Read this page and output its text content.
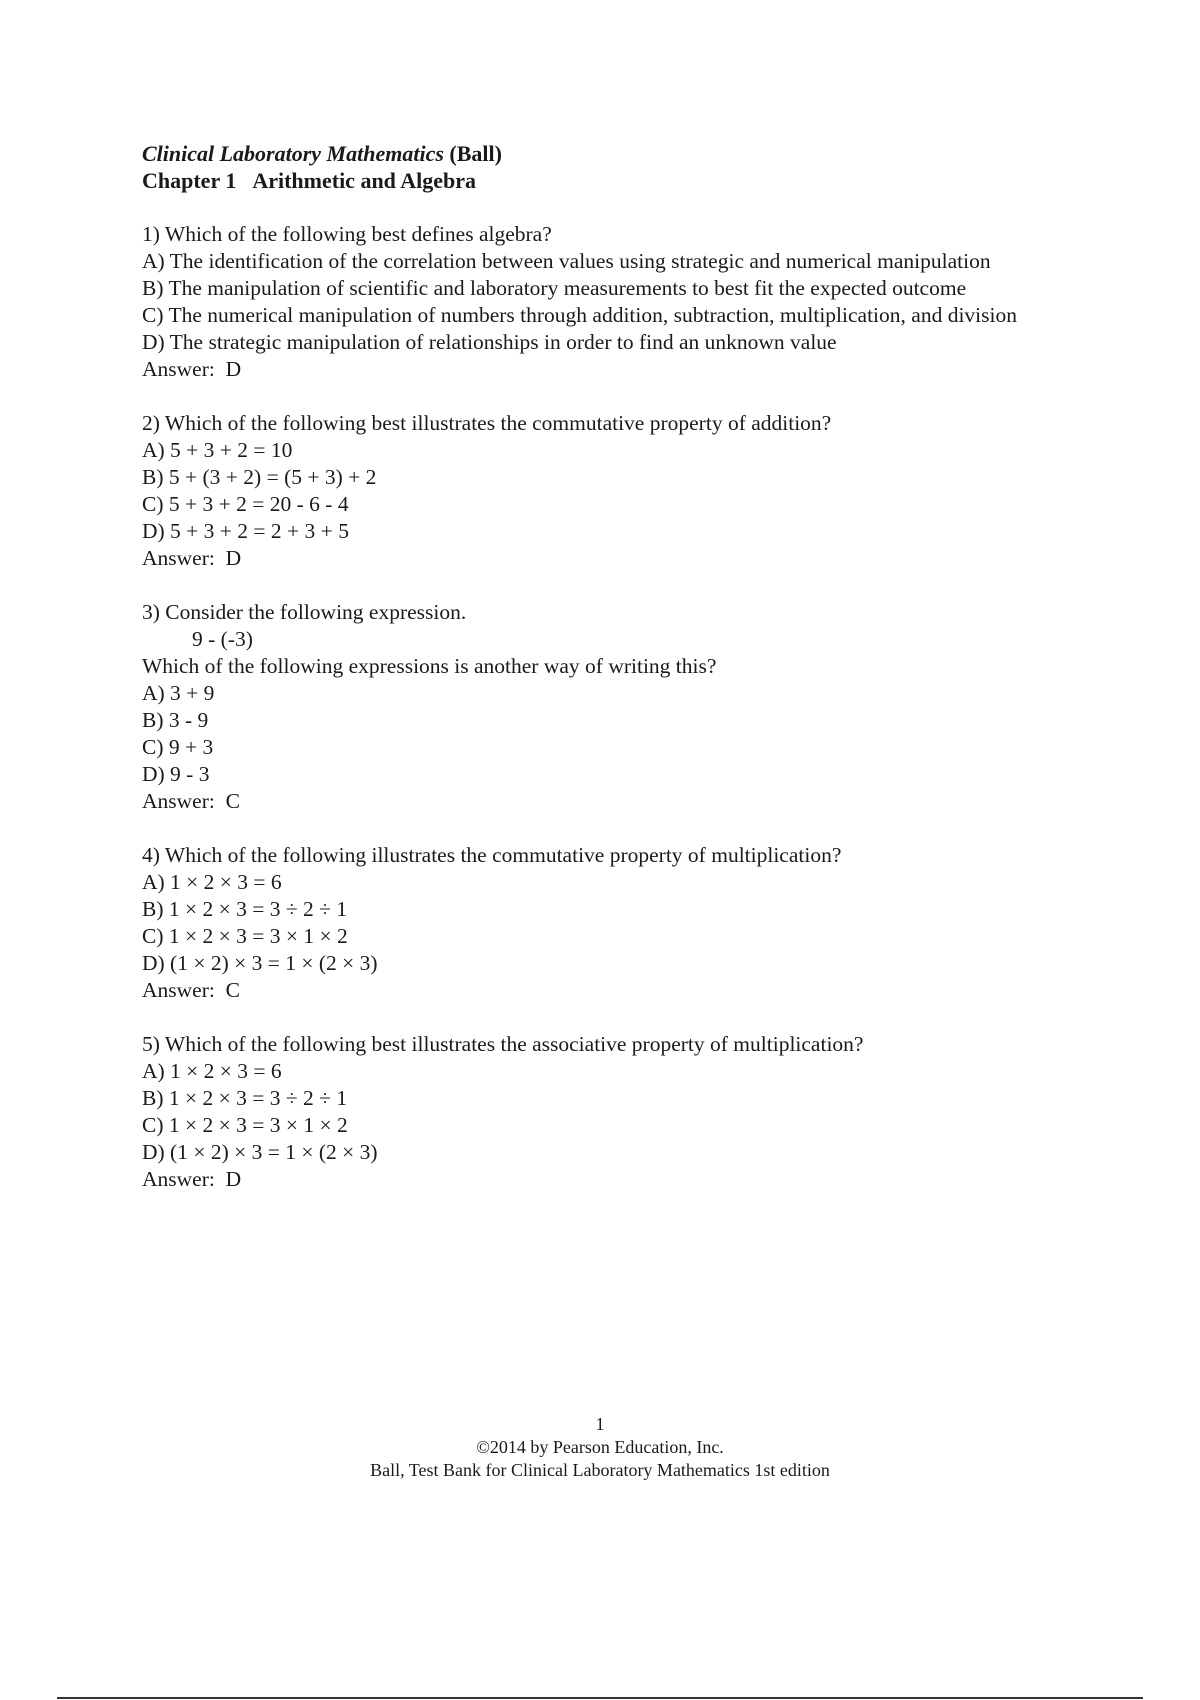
Clinical Laboratory Mathematics (Ball)
Chapter 1 Arithmetic and Algebra
1) Which of the following best defines algebra?
A) The identification of the correlation between values using strategic and numerical manipulation
B) The manipulation of scientific and laboratory measurements to best fit the expected outcome
C) The numerical manipulation of numbers through addition, subtraction, multiplication, and division
D) The strategic manipulation of relationships in order to find an unknown value
Answer:  D
2) Which of the following best illustrates the commutative property of addition?
A) 5 + 3 + 2 = 10
B) 5 + (3 + 2) = (5 + 3) + 2
C) 5 + 3 + 2 = 20 - 6 - 4
D) 5 + 3 + 2 = 2 + 3 + 5
Answer:  D
3) Consider the following expression.
9 - (-3)
Which of the following expressions is another way of writing this?
A) 3 + 9
B) 3 - 9
C) 9 + 3
D) 9 - 3
Answer:  C
4) Which of the following illustrates the commutative property of multiplication?
A) 1 × 2 × 3 = 6
B) 1 × 2 × 3 = 3 ÷ 2 ÷ 1
C) 1 × 2 × 3 = 3 × 1 × 2
D) (1 × 2) × 3 = 1 × (2 × 3)
Answer:  C
5) Which of the following best illustrates the associative property of multiplication?
A) 1 × 2 × 3 = 6
B) 1 × 2 × 3 = 3 ÷ 2 ÷ 1
C) 1 × 2 × 3 = 3 × 1 × 2
D) (1 × 2) × 3 = 1 × (2 × 3)
Answer:  D
1
©2014 by Pearson Education, Inc.
Ball, Test Bank for Clinical Laboratory Mathematics 1st edition
